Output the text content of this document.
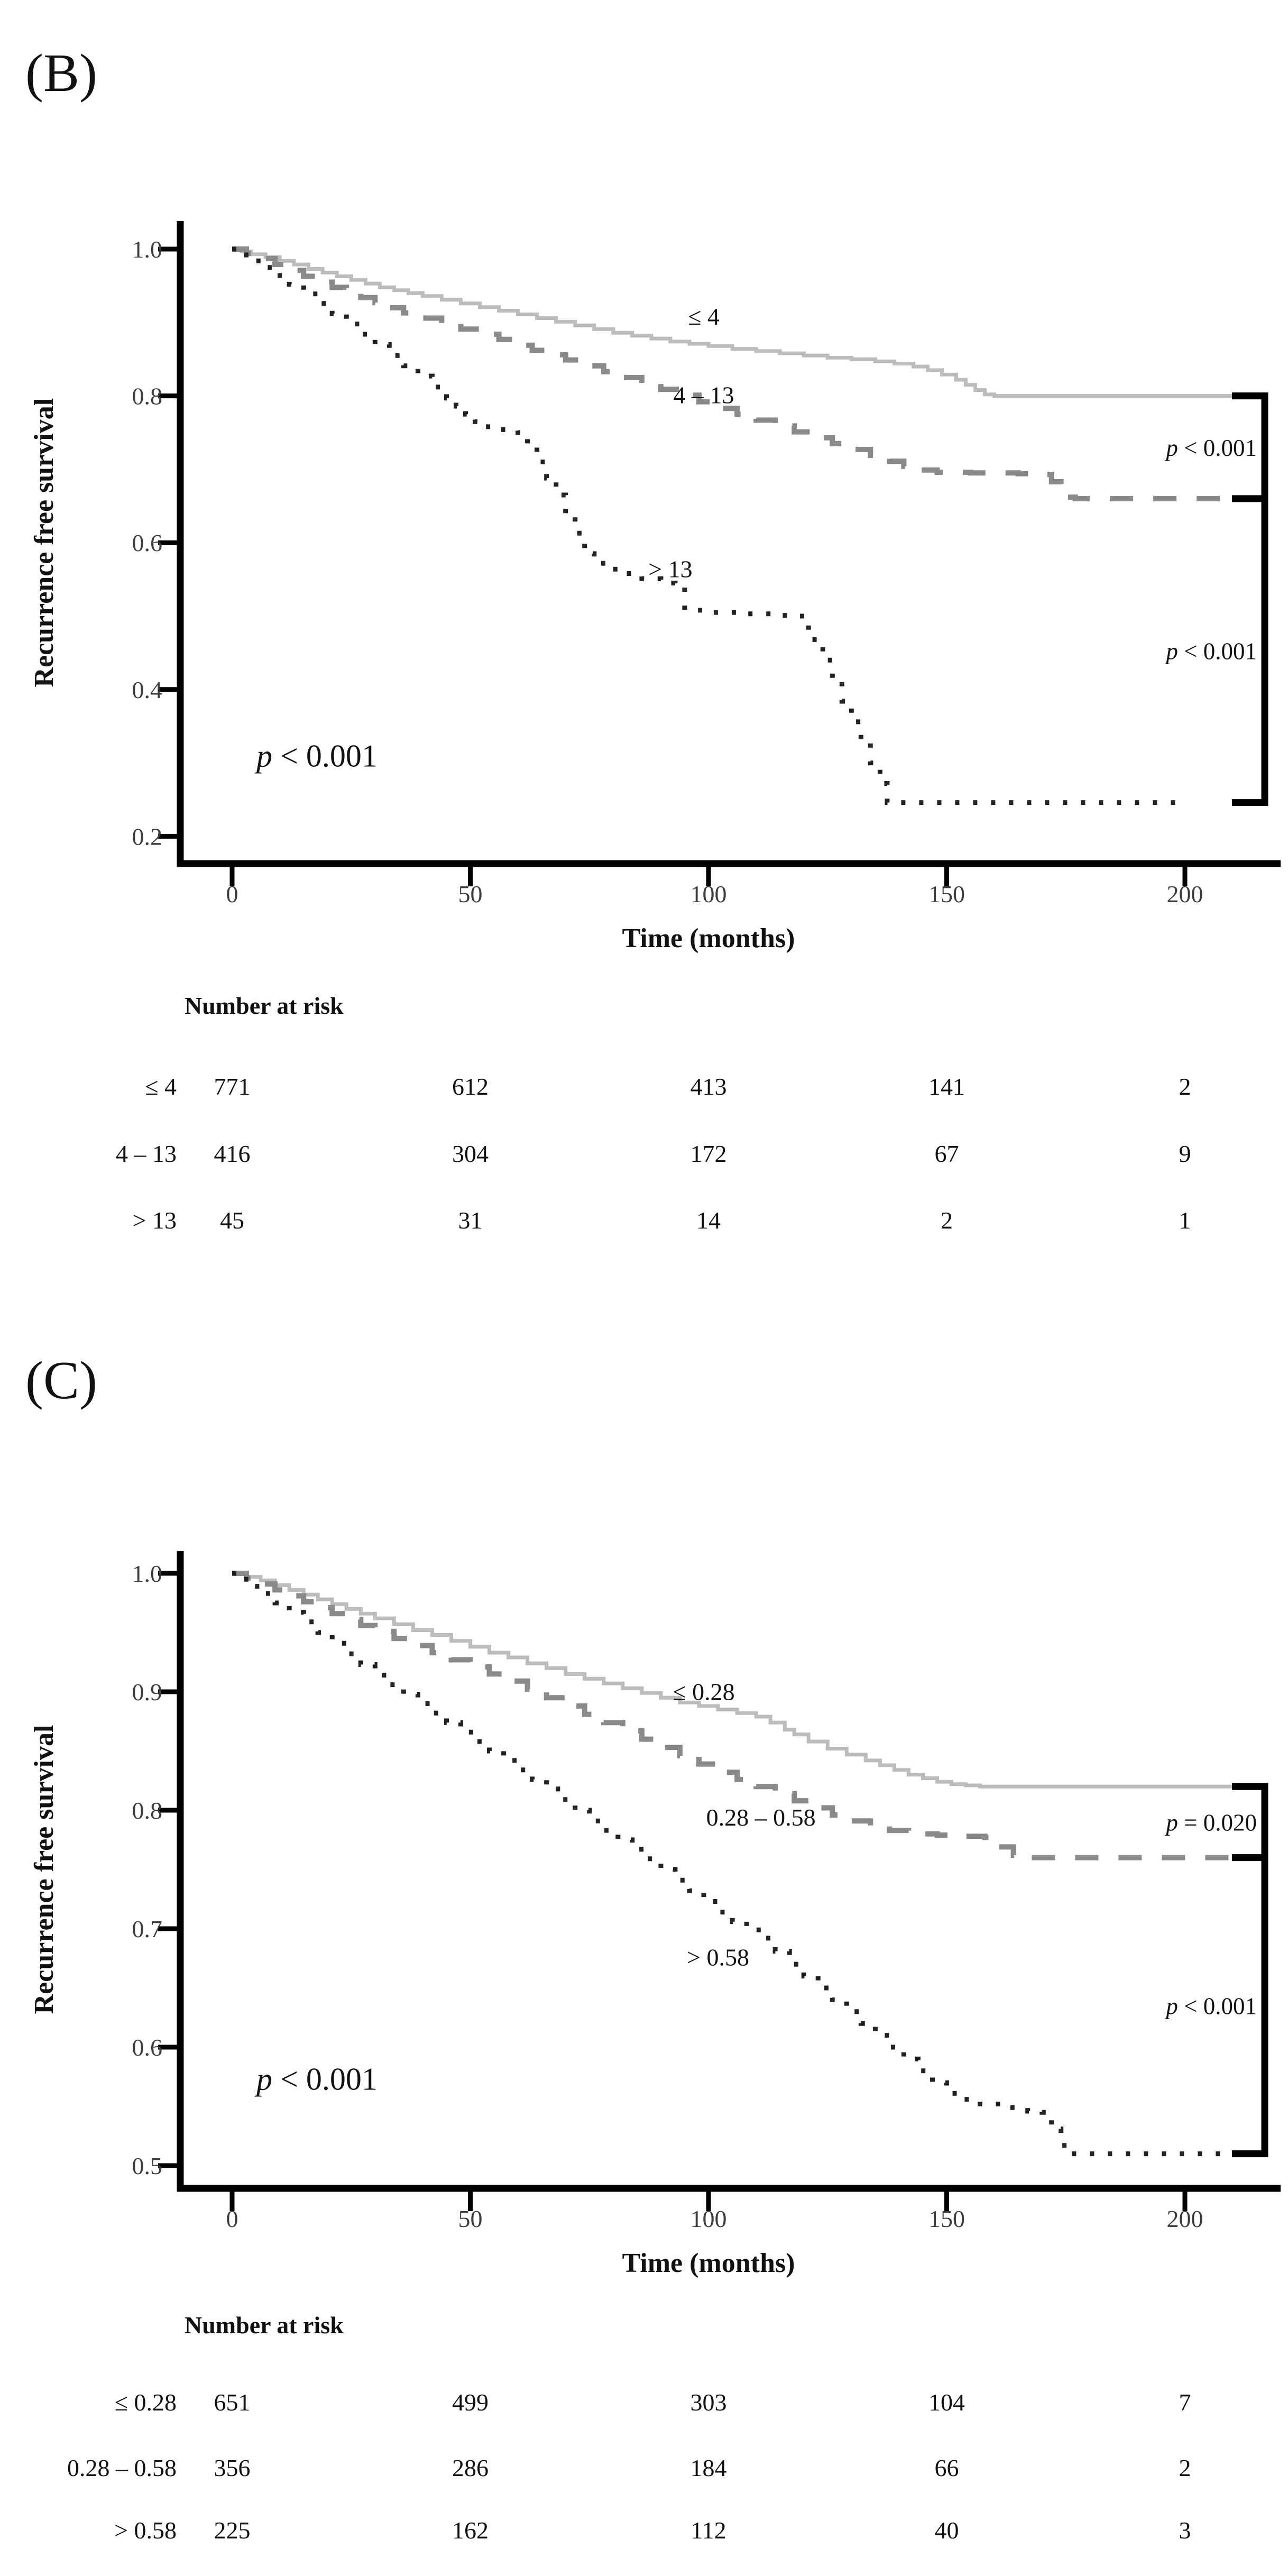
(B)
1.0
0.8
0.6
0.4
0.2
0	50	100	150	200
Time (months)
Recurrence free survival
≤ 4
4 – 13
> 13
p < 0.001
p < 0.001
p < 0.001
Number at risk
≤ 4 771	612	413	141	2
4 – 13 416	304	172	67	9
> 13 45	31	14	2	1
(C)
1.0
0.9
0.8
0.7
0.6
0.5
0	50	100	150	200
Time (months)
Recurrence free survival
≤ 0.28
0.28 – 0.58
> 0.58
p < 0.001
p = 0.020
p < 0.001
Number at risk
≤ 0.28 651	499	303	104	7
0.28 – 0.58 356	286	184	66	2
> 0.58 225	162	112	40	3
